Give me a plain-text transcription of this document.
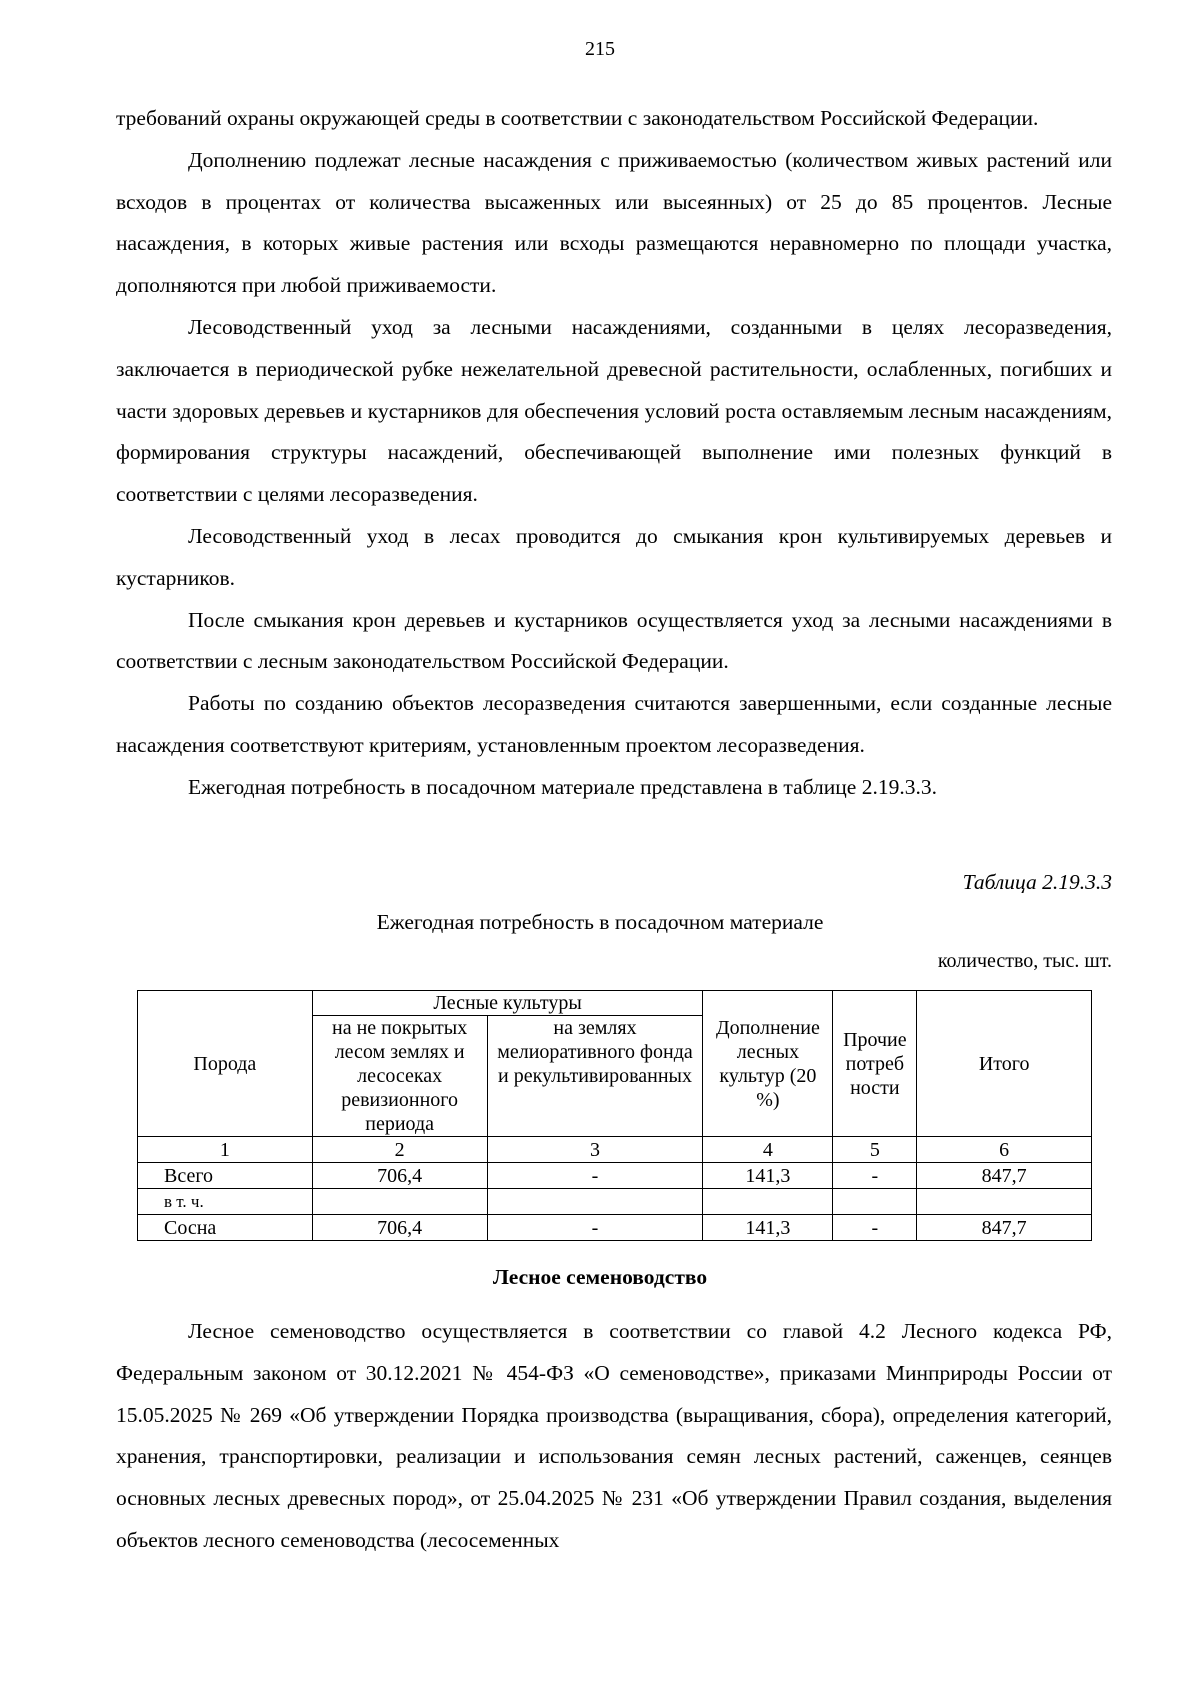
215

требований охраны окружающей среды в соответствии с законодательством Российской Федерации.

Дополнению подлежат лесные насаждения с приживаемостью (количеством живых растений или всходов в процентах от количества высаженных или высеянных) от 25 до 85 процентов. Лесные насаждения, в которых живые растения или всходы размещаются неравномерно по площади участка, дополняются при любой приживаемости.

Лесоводственный уход за лесными насаждениями, созданными в целях лесоразведения, заключается в периодической рубке нежелательной древесной растительности, ослабленных, погибших и части здоровых деревьев и кустарников для обеспечения условий роста оставляемым лесным насаждениям, формирования структуры насаждений, обеспечивающей выполнение ими полезных функций в соответствии с целями лесоразведения.

Лесоводственный уход в лесах проводится до смыкания крон культивируемых деревьев и кустарников.

После смыкания крон деревьев и кустарников осуществляется уход за лесными насаждениями в соответствии с лесным законодательством Российской Федерации.

Работы по созданию объектов лесоразведения считаются завершенными, если созданные лесные насаждения соответствуют критериям, установленным проектом лесоразведения.

Ежегодная потребность в посадочном материале представлена в таблице 2.19.3.3.

Таблица 2.19.3.3
Ежегодная потребность в посадочном материале
количество, тыс. шт.
Порода	Лесные культуры		Дополнение лесных культур (20 %)	Прочие потреб ности	Итого
	на не покрытых лесом землях и лесосеках ревизионного периода	на землях мелиоративного фонда и рекультивированных			
1	2	3	4	5	6
Всего	706,4	-	141,3	-	847,7
в т. ч.					
Сосна	706,4	-	141,3	-	847,7
Лесное семеноводство

Лесное семеноводство осуществляется в соответствии со главой 4.2 Лесного кодекса РФ, Федеральным законом от 30.12.2021 № 454-ФЗ «О семеноводстве», приказами Минприроды России от 15.05.2025 № 269 «Об утверждении Порядка производства (выращивания, сбора), определения категорий, хранения, транспортировки, реализации и использования семян лесных растений, саженцев, сеянцев основных лесных древесных пород», от 25.04.2025 № 231 «Об утверждении Правил создания, выделения объектов лесного семеноводства (лесосеменных
